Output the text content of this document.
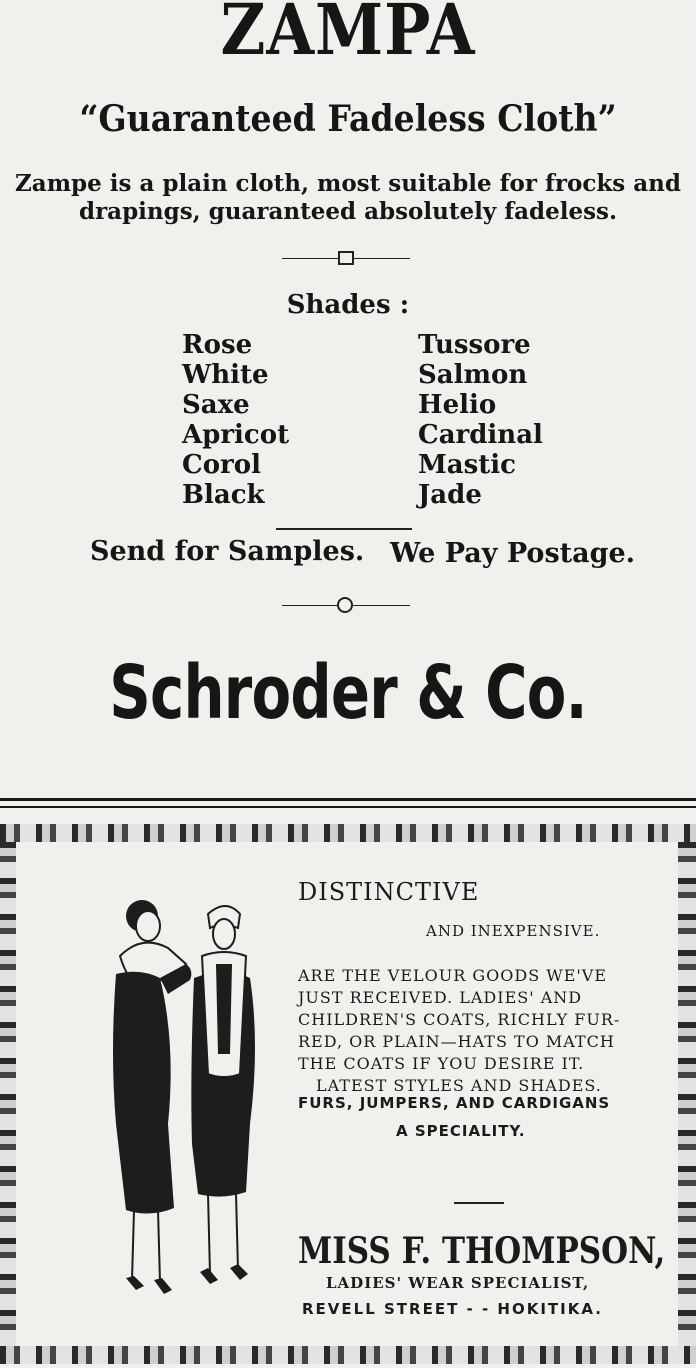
ZAMPA
“Guaranteed Fadeless Cloth”
Zampe is a plain cloth, most suitable for frocks and
drapings, guaranteed absolutely fadeless.
Shades :
Rose
White
Saxe
Apricot
Corol
Black
Tussore
Salmon
Helio
Cardinal
Mastic
Jade
Send for Samples. We Pay Postage.
Schroder & Co.
DISTINCTIVE
AND INEXPENSIVE.
ARE THE VELOUR GOODS WE'VE
JUST RECEIVED. LADIES' AND
CHILDREN'S COATS, RICHLY FUR-
RED, OR PLAIN—HATS TO MATCH
THE COATS IF YOU DESIRE IT.
LATEST STYLES AND SHADES.
FURS, JUMPERS, AND CARDIGANS
A SPECIALITY.
MISS F. THOMPSON,
LADIES' WEAR SPECIALIST,
REVELL STREET - - HOKITIKA.
